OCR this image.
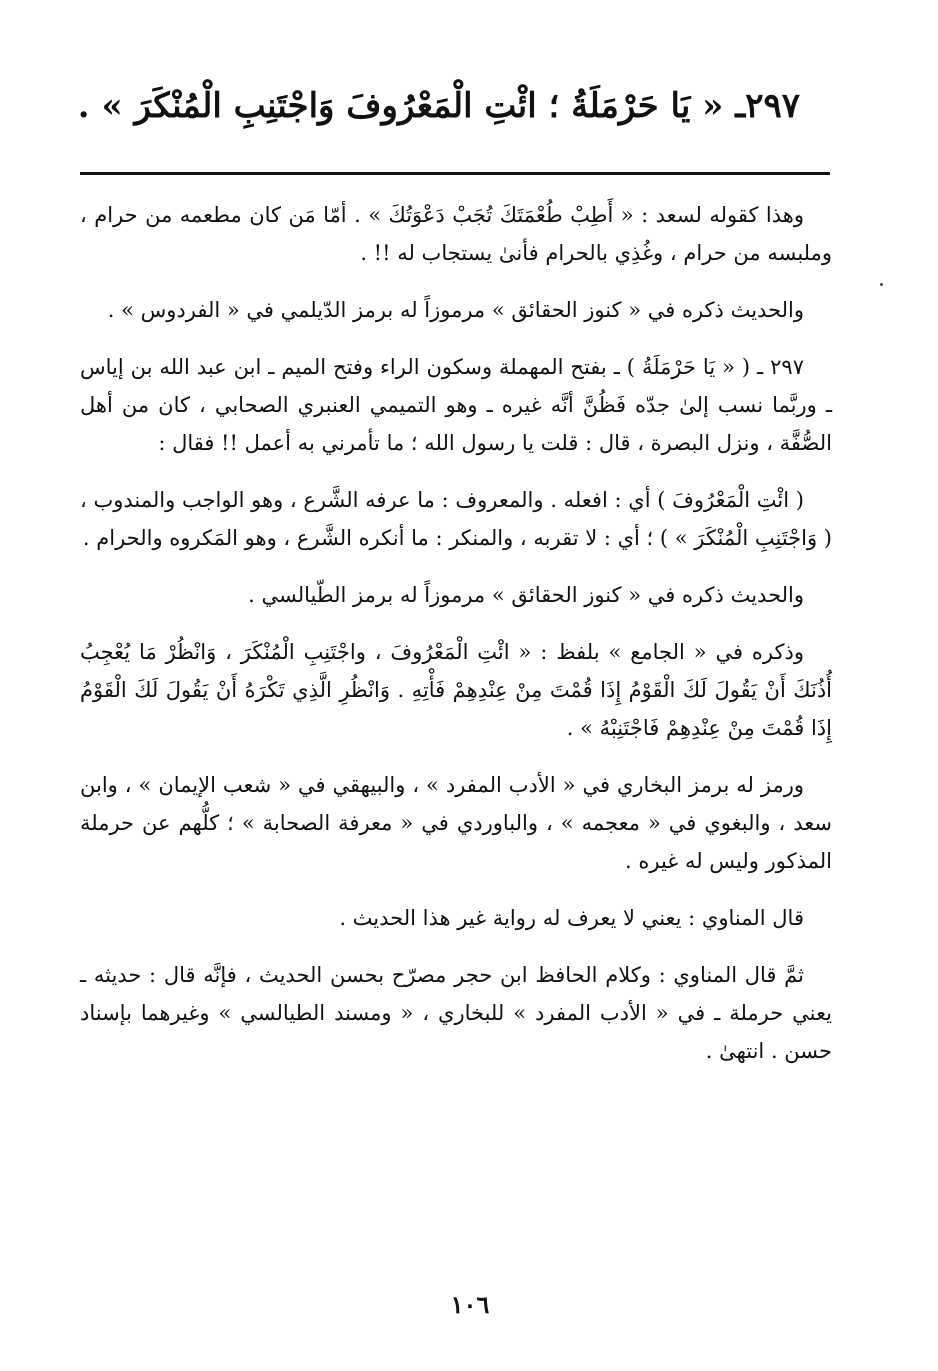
٢٩٧ـ « يَا حَرْمَلَةُ ؛ ائْتِ الْمَعْرُوفَ وَاجْتَنِبِ الْمُنْكَرَ » .

وهذا كقوله لسعد : « أَطِبْ طُعْمَتَكَ تُجَبْ دَعْوَتُكَ » . أمّا مَن كان مطعمه من حرام ، وملبسه من حرام ، وغُذِي بالحرام فأنىٰ يستجاب له !! .

والحديث ذكره في « كنوز الحقائق » مرموزاً له برمز الدّيلمي في « الفردوس » .

٢٩٧ ـ ( « يَا حَرْمَلَةُ ) ـ بفتح المهملة وسكون الراء وفتح الميم ـ ابن عبد الله بن إياس ـ وربَّما نسب إلىٰ جدّه فَظُنَّ أنَّه غيره ـ وهو التميمي العنبري الصحابي ، كان من أهل الصُّفَّة ، ونزل البصرة ، قال : قلت يا رسول الله ؛ ما تأمرني به أعمل !! فقال :

( ائْتِ الْمَعْرُوفَ ) أي : افعله . والمعروف : ما عرفه الشَّرع ، وهو الواجب والمندوب ، ( وَاجْتَنِبِ الْمُنْكَرَ » ) ؛ أي : لا تقربه ، والمنكر : ما أنكره الشَّرع ، وهو المَكروه والحرام .

والحديث ذكره في « كنوز الحقائق » مرموزاً له برمز الطّيالسي .

وذكره في « الجامع » بلفظ : « ائْتِ الْمَعْرُوفَ ، واجْتَنِبِ الْمُنْكَرَ ، وَانْظُرْ مَا يُعْجِبُ أُذُنَكَ أَنْ يَقُولَ لَكَ الْقَوْمُ إِذَا قُمْتَ مِنْ عِنْدِهِمْ فَأْتِهِ . وَانْظُرِ الَّذِي تَكْرَهُ أَنْ يَقُولَ لَكَ الْقَوْمُ إِذَا قُمْتَ مِنْ عِنْدِهِمْ فَاجْتَنِبْهُ » .

ورمز له برمز البخاري في « الأدب المفرد » ، والبيهقي في « شعب الإيمان » ، وابن سعد ، والبغوي في « معجمه » ، والباوردي في « معرفة الصحابة » ؛ كلُّهم عن حرملة المذكور وليس له غيره .

قال المناوي : يعني لا يعرف له رواية غير هذا الحديث .

ثمَّ قال المناوي : وكلام الحافظ ابن حجر مصرّح بحسن الحديث ، فإنَّه قال : حديثه ـ يعني حرملة ـ في « الأدب المفرد » للبخاري ، « ومسند الطيالسي » وغيرهما بإسناد حسن . انتهىٰ .

١٠٦
